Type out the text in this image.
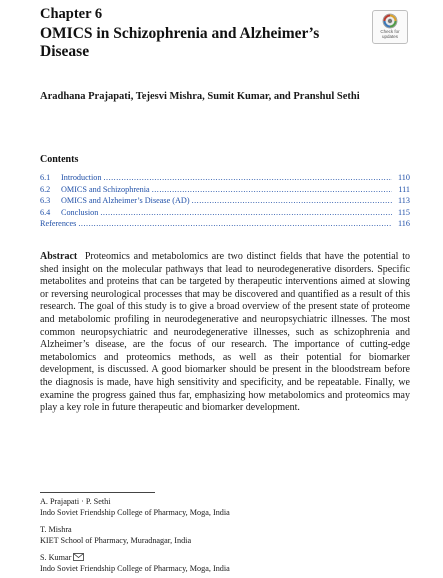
Chapter 6
OMICS in Schizophrenia and Alzheimer’s Disease
Check for updates
Aradhana Prajapati, Tejesvi Mishra, Sumit Kumar, and Pranshul Sethi
Contents
6.1	Introduction .....	110
6.2	OMICS and Schizophrenia .....	111
6.3	OMICS and Alzheimer’s Disease (AD) .....	113
6.4	Conclusion .....	115
References .....	116

Abstract Proteomics and metabolomics are two distinct fields that have the potential to shed insight on the molecular pathways that lead to neurodegenerative disorders. Specific metabolites and proteins that can be targeted by therapeutic interventions aimed at slowing or reversing neurological processes that may be discovered and quantified as a result of this research. The goal of this study is to give a broad overview of the present state of proteome and metabolomic profiling in neurodegenerative and neuropsychiatric illnesses. The most common neuropsychiatric and neurodegenerative illnesses, such as schizophrenia and Alzheimer’s disease, are the focus of our research. The importance of cutting-edge metabolomics and proteomics methods, as well as their potential for biomarker development, is discussed. A good biomarker should be present in the bloodstream before the diagnosis is made, have high sensitivity and specificity, and be repeatable. Finally, we examine the progress gained thus far, emphasizing how metabolomics and proteomics may play a key role in future therapeutic and biomarker development.

A. Prajapati · P. Sethi
Indo Soviet Friendship College of Pharmacy, Moga, India
T. Mishra
KIET School of Pharmacy, Muradnagar, India
S. Kumar
Indo Soviet Friendship College of Pharmacy, Moga, India
